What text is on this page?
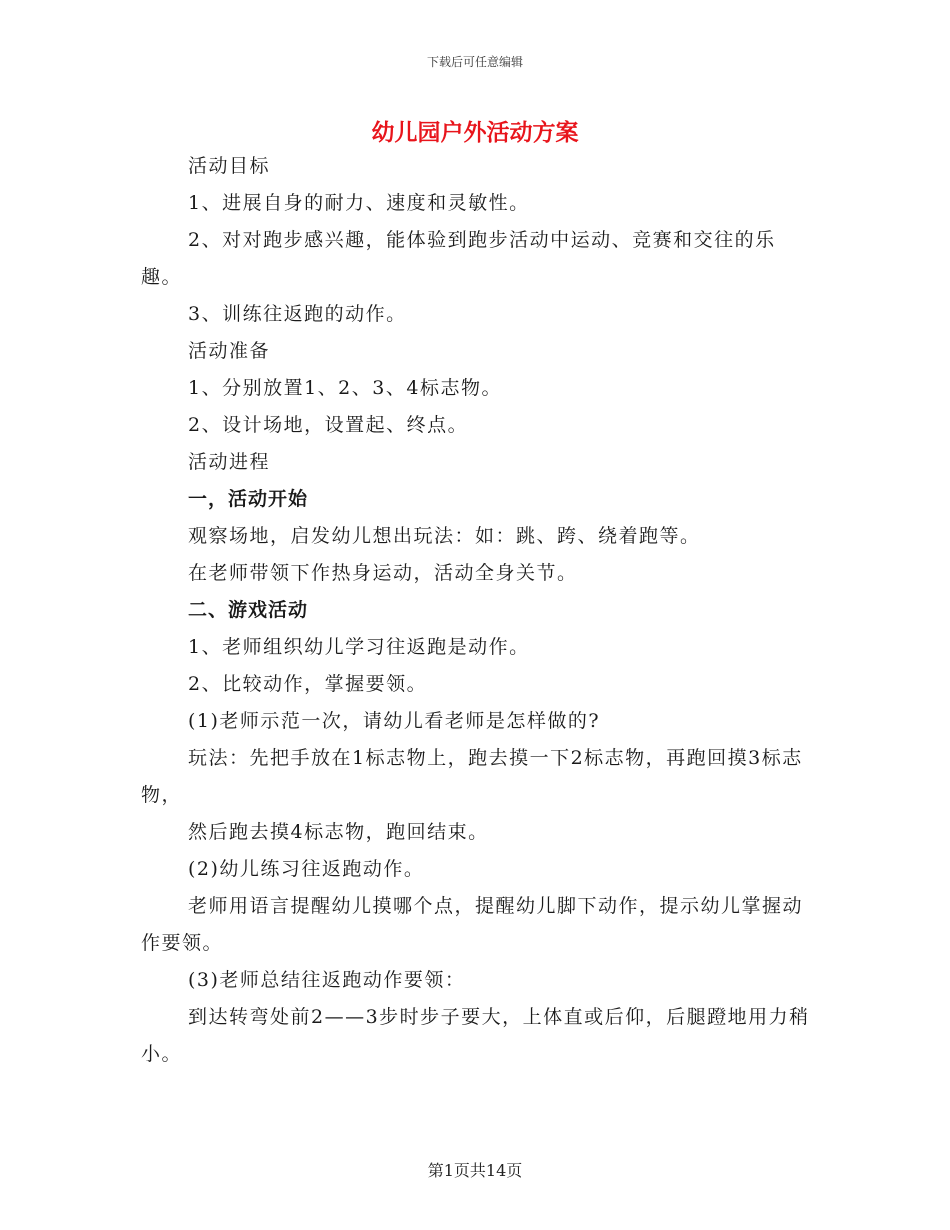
下载后可任意编辑
幼儿园户外活动方案

活动目标

1、进展自身的耐力、速度和灵敏性。

2、对对跑步感兴趣，能体验到跑步活动中运动、竞赛和交往的乐趣。

3、训练往返跑的动作。

活动准备

1、分别放置1、2、3、4标志物。

2、设计场地，设置起、终点。

活动进程

一，活动开始

观察场地，启发幼儿想出玩法：如：跳、跨、绕着跑等。

在老师带领下作热身运动，活动全身关节。

二、游戏活动

1、老师组织幼儿学习往返跑是动作。

2、比较动作，掌握要领。

(1)老师示范一次，请幼儿看老师是怎样做的?

玩法：先把手放在1标志物上，跑去摸一下2标志物，再跑回摸3标志物，

然后跑去摸4标志物，跑回结束。

(2)幼儿练习往返跑动作。

老师用语言提醒幼儿摸哪个点，提醒幼儿脚下动作，提示幼儿掌握动作要领。

(3)老师总结往返跑动作要领：

到达转弯处前2——3步时步子要大，上体直或后仰，后腿蹬地用力稍小。

第1页共14页
